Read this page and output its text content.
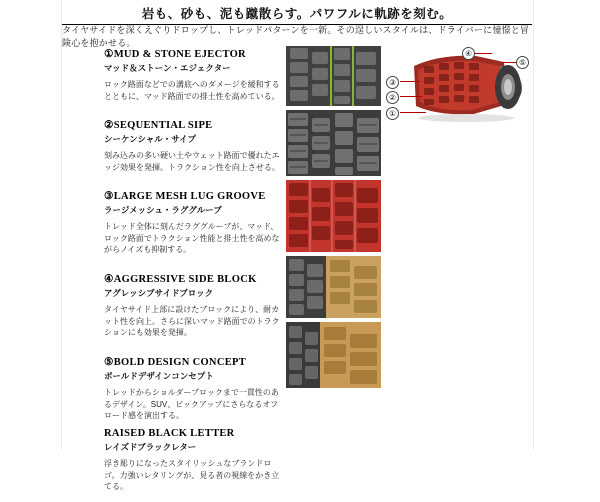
岩も、砂も、泥も蹴散らす。パワフルに軌跡を刻む。
タイヤサイドを深くえぐりドロップし、トレッドパターンを一新。その逞しいスタイルは、ドライバーに憧憬と冒険心を抱かせる。
①MUD & STONE EJECTOR
マッド＆ストーン・エジェクター
ロック路面などでの溝底へのダメージを緩和するとともに、マッド路面での排土性を高めている。
②SEQUENTIAL SIPE
シーケンシャル・サイプ
刻み込みの多い硬い土やウェット路面で優れたエッジ効果を発揮。トラクション性を向上させる。
③LARGE MESH LUG GROOVE
ラージメッシュ・ラググルーブ
トレッド全体に刻んだラググルーブが、マッド、ロック路面でトラクション性能と排土性を高めながらノイズも抑制する。
④AGGRESSIVE SIDE BLOCK
アグレッシブサイドブロック
タイヤサイド上部に設けたブロックにより、耐カット性を向上。さらに深いマッド路面でのトラクションにも効果を発揮。
⑤BOLD DESIGN CONCEPT
ボールドデザインコンセプト
トレッドからショルダーブロックまで一貫性のあるデザイン。SUV、ピックアップにさらなるオフロード感を演出する。
RAISED BLACK LETTER
レイズドブラックレター
浮き彫りになったスタイリッシュなブランドロゴ。力強いレタリングが、見る者の視線をかき立てる。
①
②
③
④
⑤
